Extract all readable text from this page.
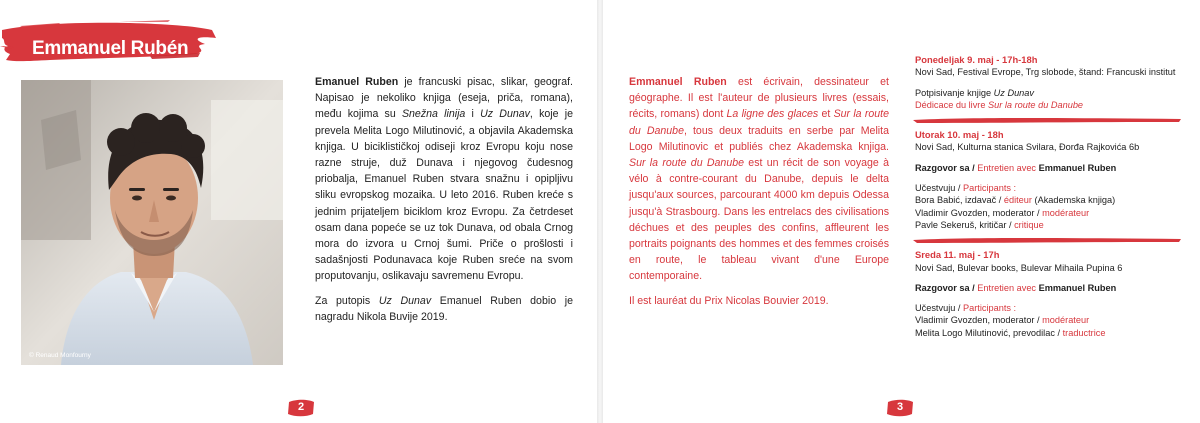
Emmanuel Rubén
© Renaud Monfourny

Emanuel Ruben je francuski pisac, slikar, geograf. Napisao je nekoliko knjiga (eseja, priča, romana), među kojima su Snežna linija i Uz Dunav, koje je prevela Melita Logo Milutinović, a objavila Akademska knjiga. U biciklističkoj odiseji kroz Evropu koju nose razne struje, duž Dunava i njegovog čudesnog priobalja, Emanuel Ruben stvara snažnu i opipljivu sliku evropskog mozaika. U leto 2016. Ruben kreće s jednim prijateljem biciklom kroz Evropu. Za četrdeset osam dana popeće se uz tok Dunava, od obala Crnog mora do izvora u Crnoj šumi. Priče o prošlosti i sadašnjosti Podunavaca koje Ruben sreće na svom proputovanju, oslikavaju savremenu Evropu.

Za putopis Uz Dunav Emanuel Ruben dobio je nagradu Nikola Buvije 2019.

2

Emmanuel Ruben est écrivain, dessinateur et géographe. Il est l'auteur de plusieurs livres (essais, récits, romans) dont La ligne des glaces et Sur la route du Danube, tous deux traduits en serbe par Melita Logo Milutinovic et publiés chez Akademska knjiga. Sur la route du Danube est un récit de son voyage à vélo à contre-courant du Danube, depuis le delta jusqu'aux sources, parcourant 4000 km depuis Odessa jusqu'à Strasbourg. Dans les entrelacs des civilisations déchues et des peuples des confins, affleurent les portraits poignants des hommes et des femmes croisés en route, le tableau vivant d'une Europe contemporaine.

Il est lauréat du Prix Nicolas Bouvier 2019.

Ponedeljak 9. maj - 17h-18h
Novi Sad, Festival Evrope, Trg slobode, štand: Francuski institut
Potpisivanje knjige Uz Dunav
Dédicace du livre Sur la route du Danube
Utorak 10. maj - 18h
Novi Sad, Kulturna stanica Svilara, Đorđa Rajkovića 6b
Razgovor sa / Entretien avec Emmanuel Ruben
Učestvuju / Participants :
Bora Babić, izdavač / éditeur (Akademska knjiga)
Vladimir Gvozden, moderator / modérateur
Pavle Sekeruš, kritičar / critique
Sreda 11. maj - 17h
Novi Sad, Bulevar books, Bulevar Mihaila Pupina 6
Razgovor sa / Entretien avec Emmanuel Ruben
Učestvuju / Participants :
Vladimir Gvozden, moderator / modérateur
Melita Logo Milutinović, prevodilac / traductrice
3
